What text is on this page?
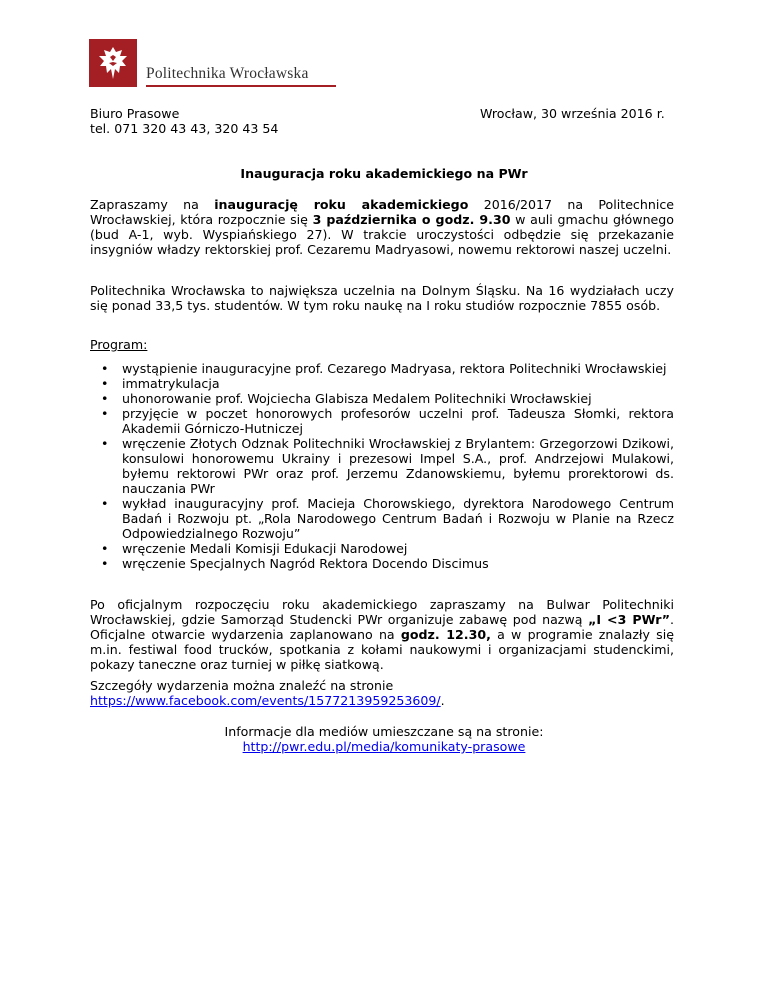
Politechnika Wrocławska
Biuro Prasowe
tel. 071 320 43 43, 320 43 54
Wrocław, 30 września 2016 r.
Inauguracja roku akademickiego na PWr
Zapraszamy na inaugurację roku akademickiego 2016/2017 na Politechnice Wrocławskiej, która rozpocznie się 3 października o godz. 9.30 w auli gmachu głównego (bud A-1, wyb. Wyspiańskiego 27). W trakcie uroczystości odbędzie się przekazanie insygniów władzy rektorskiej prof. Cezaremu Madryasowi, nowemu rektorowi naszej uczelni.
Politechnika Wrocławska to największa uczelnia na Dolnym Śląsku. Na 16 wydziałach uczy się ponad 33,5 tys. studentów. W tym roku naukę na I roku studiów rozpocznie 7855 osób.
Program:
• wystąpienie inauguracyjne prof. Cezarego Madryasa, rektora Politechniki Wrocławskiej
• immatrykulacja
• uhonorowanie prof. Wojciecha Glabisza Medalem Politechniki Wrocławskiej
• przyjęcie w poczet honorowych profesorów uczelni prof. Tadeusza Słomki, rektora Akademii Górniczo-Hutniczej
• wręczenie Złotych Odznak Politechniki Wrocławskiej z Brylantem: Grzegorzowi Dzikowi, konsulowi honorowemu Ukrainy i prezesowi Impel S.A., prof. Andrzejowi Mulakowi, byłemu rektorowi PWr oraz prof. Jerzemu Zdanowskiemu, byłemu prorektorowi ds. nauczania PWr
• wykład inauguracyjny prof. Macieja Chorowskiego, dyrektora Narodowego Centrum Badań i Rozwoju pt. „Rola Narodowego Centrum Badań i Rozwoju w Planie na Rzecz Odpowiedzialnego Rozwoju”
• wręczenie Medali Komisji Edukacji Narodowej
• wręczenie Specjalnych Nagród Rektora Docendo Discimus
Po oficjalnym rozpoczęciu roku akademickiego zapraszamy na Bulwar Politechniki Wrocławskiej, gdzie Samorząd Studencki PWr organizuje zabawę pod nazwą „I <3 PWr”. Oficjalne otwarcie wydarzenia zaplanowano na godz. 12.30, a w programie znalazły się m.in. festiwal food trucków, spotkania z kołami naukowymi i organizacjami studenckimi, pokazy taneczne oraz turniej w piłkę siatkową.
Szczegóły wydarzenia można znaleźć na stronie
https://www.facebook.com/events/1577213959253609/.
Informacje dla mediów umieszczane są na stronie:
http://pwr.edu.pl/media/komunikaty-prasowe
